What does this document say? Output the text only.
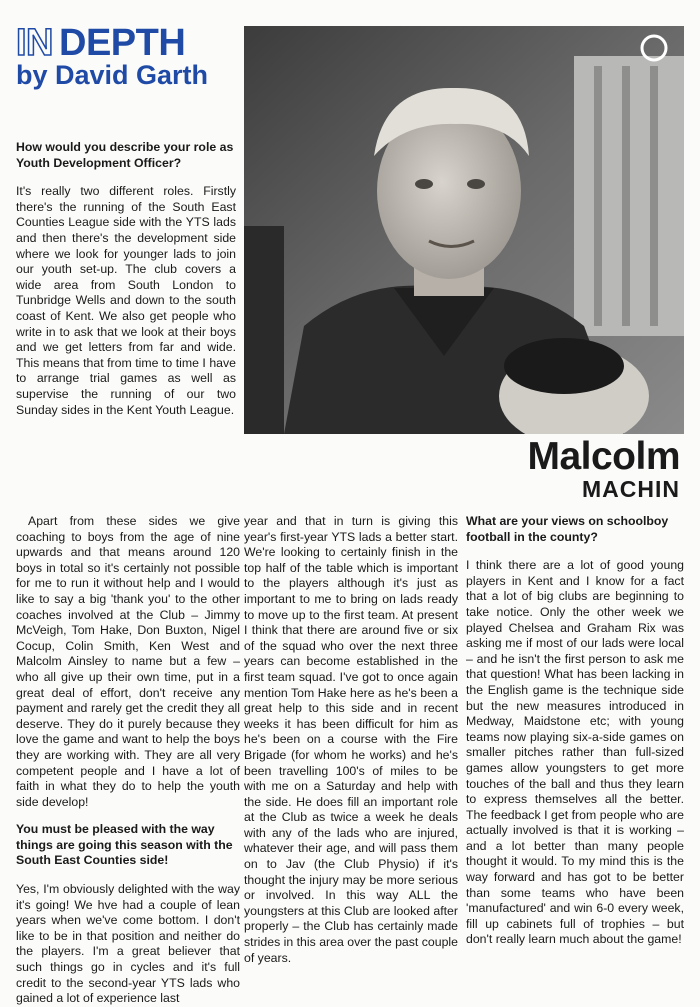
IN DEPTH
by David Garth
Malcolm
MACHIN

How would you describe your role as Youth Development Officer?

It's really two different roles. Firstly there's the running of the South East Counties League side with the YTS lads and then there's the development side where we look for younger lads to join our youth set-up. The club covers a wide area from South London to Tunbridge Wells and down to the south coast of Kent. We also get people who write in to ask that we look at their boys and we get letters from far and wide. This means that from time to time I have to arrange trial games as well as supervise the running of our two Sunday sides in the Kent Youth League.

Apart from these sides we give coaching to boys from the age of nine upwards and that means around 120 boys in total so it's certainly not possible for me to run it without help and I would like to say a big 'thank you' to the other coaches involved at the Club – Jimmy McVeigh, Tom Hake, Don Buxton, Nigel Cocup, Colin Smith, Ken West and Malcolm Ainsley to name but a few – who all give up their own time, put in a great deal of effort, don't receive any payment and rarely get the credit they all deserve. They do it purely because they love the game and want to help the boys they are working with. They are all very competent people and I have a lot of faith in what they do to help the youth side develop!

You must be pleased with the way things are going this season with the South East Counties side!

Yes, I'm obviously delighted with the way it's going! We hve had a couple of lean years when we've come bottom. I don't like to be in that position and neither do the players. I'm a great believer that such things go in cycles and it's full credit to the second-year YTS lads who gained a lot of experience last

year and that in turn is giving this year's first-year YTS lads a better start. We're looking to certainly finish in the top half of the table which is important to the players although it's just as important to me to bring on lads ready to move up to the first team. At present I think that there are around five or six of the squad who over the next three years can become established in the first team squad. I've got to once again mention Tom Hake here as he's been a great help to this side and in recent weeks it has been difficult for him as he's been on a course with the Fire Brigade (for whom he works) and he's been travelling 100's of miles to be with me on a Saturday and help with the side. He does fill an important role at the Club as twice a week he deals with any of the lads who are injured, whatever their age, and will pass them on to Jav (the Club Physio) if it's thought the injury may be more serious or involved. In this way ALL the youngsters at this Club are looked after properly – the Club has certainly made strides in this area over the past couple of years.

What are your views on schoolboy football in the county?

I think there are a lot of good young players in Kent and I know for a fact that a lot of big clubs are beginning to take notice. Only the other week we played Chelsea and Graham Rix was asking me if most of our lads were local – and he isn't the first person to ask me that question! What has been lacking in the English game is the technique side but the new measures introduced in Medway, Maidstone etc; with young teams now playing six-a-side games on smaller pitches rather than full-sized games allow youngsters to get more touches of the ball and thus they learn to express themselves all the better. The feedback I get from people who are actually involved is that it is working – and a lot better than many people thought it would. To my mind this is the way forward and has got to be better than some teams who have been 'manufactured' and win 6-0 every week, fill up cabinets full of trophies – but don't really learn much about the game!
